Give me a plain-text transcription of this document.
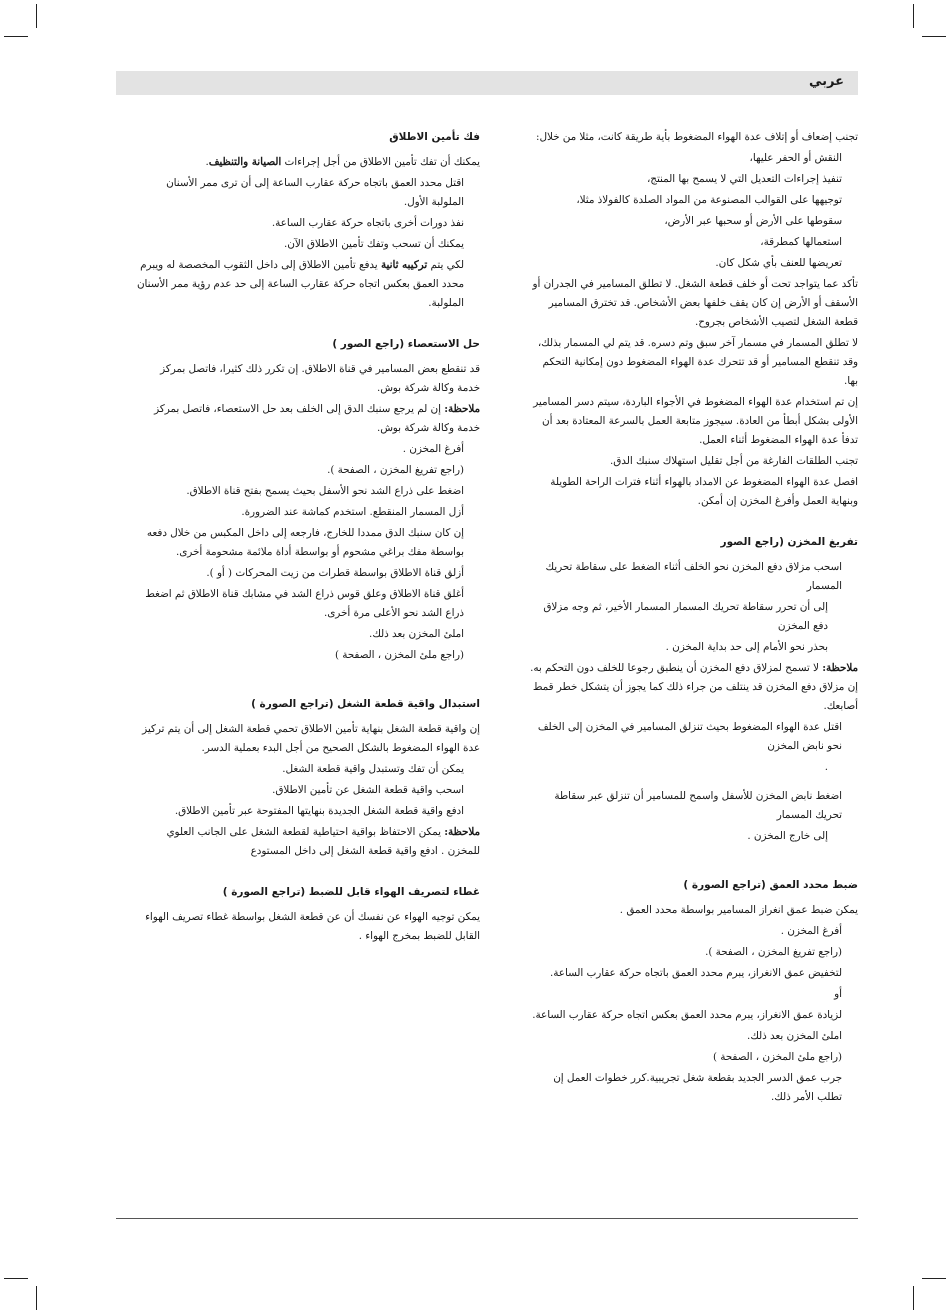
عربي

تجنب إضعاف أو إتلاف عدة الهواء المضغوط بأية طريقة كانت، مثلا من خلال:

النقش أو الحفر عليها،

تنفيذ إجراءات التعديل التي لا يسمح بها المنتج،

توجيهها على القوالب المصنوعة من المواد الصلدة كالفولاذ مثلا،

سقوطها على الأرض أو سحبها عبر الأرض،

استعمالها كمطرقة،

تعريضها للعنف بأي شكل كان.

تأكد عما يتواجد تحت أو خلف قطعة الشغل. لا تطلق المسامير في الجدران أو الأسقف أو الأرض إن كان يقف خلفها بعض الأشخاص. قد تخترق المسامير قطعة الشغل لتصيب الأشخاص بجروح.

لا تطلق المسمار في مسمار آخر سبق وتم دسره. قد يتم لي المسمار بذلك، وقد تنقطع المسامير أو قد تتحرك عدة الهواء المضغوط دون إمكانية التحكم بها.

إن تم استخدام عدة الهواء المضغوط في الأجواء الباردة، سيتم دسر المسامير الأولى بشكل أبطأ من العادة. سيجوز متابعة العمل بالسرعة المعتادة بعد أن تدفأ عدة الهواء المضغوط أثناء العمل.

تجنب الطلقات الفارغة من أجل تقليل استهلاك سنبك الدق.

افصل عدة الهواء المضغوط عن الامداد بالهواء أثناء فترات الراحة الطويلة وبنهاية العمل وأفرغ المخزن إن أمكن.

تفريغ المخزن (راجع الصور

اسحب مزلاق دفع المخزن نحو الخلف أثناء الضغط على سقاطة تحريك المسمار

إلى أن تحرر سقاطة تحريك المسمار المسمار الأخير، ثم وجه مزلاق دفع المخزن

بحذر نحو الأمام إلى حد بداية المخزن .

ملاحظة: لا تسمح لمزلاق دفع المخزن أن ينطبق رجوعا للخلف دون التحكم به. إن مزلاق دفع المخزن قد ينتلف من جراء ذلك كما يجوز أن يتشكل خطر قمط أصابعك.

اقتل عدة الهواء المضغوط بحيث تنزلق المسامير في المخزن إلى الخلف نحو نابض المخزن

.

اضغط نابض المخزن للأسفل واسمح للمسامير أن تنزلق عبر سقاطة تحريك المسمار

إلى خارج المخزن .

ضبط محدد العمق (تراجع الصورة )

يمكن ضبط عمق انغراز المسامير بواسطة محدد العمق .

أفرغ المخزن .

(راجع تفريغ المخزن ، الصفحة ).

لتخفيض عمق الانغراز، يبرم محدد العمق باتجاه حركة عقارب الساعة.

أو

لزيادة عمق الانغراز، يبرم محدد العمق بعكس اتجاه حركة عقارب الساعة.

املئ المخزن بعد ذلك.

(راجع ملئ المخزن ، الصفحة )

جرب عمق الدسر الجديد بقطعة شغل تجريبية.كرر خطوات العمل إن تطلب الأمر ذلك.

فك تأمين الاطلاق

يمكنك أن تفك تأمين الاطلاق من أجل إجراءات الصيانة والتنظيف.

اقتل محدد العمق باتجاه حركة عقارب الساعة إلى أن ترى ممر الأسنان الملولبة الأول.

نفذ دورات أخرى باتجاه حركة عقارب الساعة.

يمكنك أن تسحب وتفك تأمين الاطلاق الآن.

لكي يتم تركيبه ثانية يدفع تأمين الاطلاق إلى داخل الثقوب المخصصة له ويبرم محدد العمق بعكس اتجاه حركة عقارب الساعة إلى حد عدم رؤية ممر الأسنان الملولبة.

حل الاستعصاء (راجع الصور )

قد تنقطع بعض المسامير في قناة الاطلاق. إن تكرر ذلك كثيرا، فاتصل بمركز خدمة وكالة شركة بوش.

ملاحظة: إن لم يرجع سنبك الدق إلى الخلف بعد حل الاستعصاء، فاتصل بمركز خدمة وكالة شركة بوش.

أفرغ المخزن .

(راجع تفريغ المخزن ، الصفحة ).

اضغط على ذراع الشد نحو الأسفل بحيث يسمح بفتح قناة الاطلاق.

أزل المسمار المنقطع. استخدم كماشة عند الضرورة.

إن كان سنبك الدق ممددا للخارج، فارجعه إلى داخل المكبس من خلال دفعه بواسطة مفك براغي مشحوم أو بواسطة أداة ملائمة مشحومة أخرى.

أزلق قناة الاطلاق بواسطة قطرات من زيت المحركات ( أو ).

أغلق قناة الاطلاق وعلق قوس ذراع الشد في مشابك قناة الاطلاق ثم اضغط ذراع الشد نحو الأعلى مرة أخرى.

املئ المخزن بعد ذلك.

(راجع ملئ المخزن ، الصفحة )

استبدال واقية قطعة الشغل (تراجع الصورة )

إن واقية قطعة الشغل بنهاية تأمين الاطلاق تحمي قطعة الشغل إلى أن يتم تركيز عدة الهواء المضغوط بالشكل الصحيح من أجل البدء بعملية الدسر.

يمكن أن تفك وتستبدل واقية قطعة الشغل.

اسحب واقية قطعة الشغل عن تأمين الاطلاق.

ادفع واقية قطعة الشغل الجديدة بنهايتها المفتوحة عبر تأمين الاطلاق.

ملاحظة: يمكن الاحتفاظ بواقية احتياطية لقطعة الشغل على الجانب العلوي للمخزن . ادفع واقية قطعة الشغل إلى داخل المستودع

غطاء لتصريف الهواء قابل للضبط (تراجع الصورة )

يمكن توجيه الهواء عن نفسك أن عن قطعة الشغل بواسطة غطاء تصريف الهواء القابل للضبط بمخرج الهواء .
